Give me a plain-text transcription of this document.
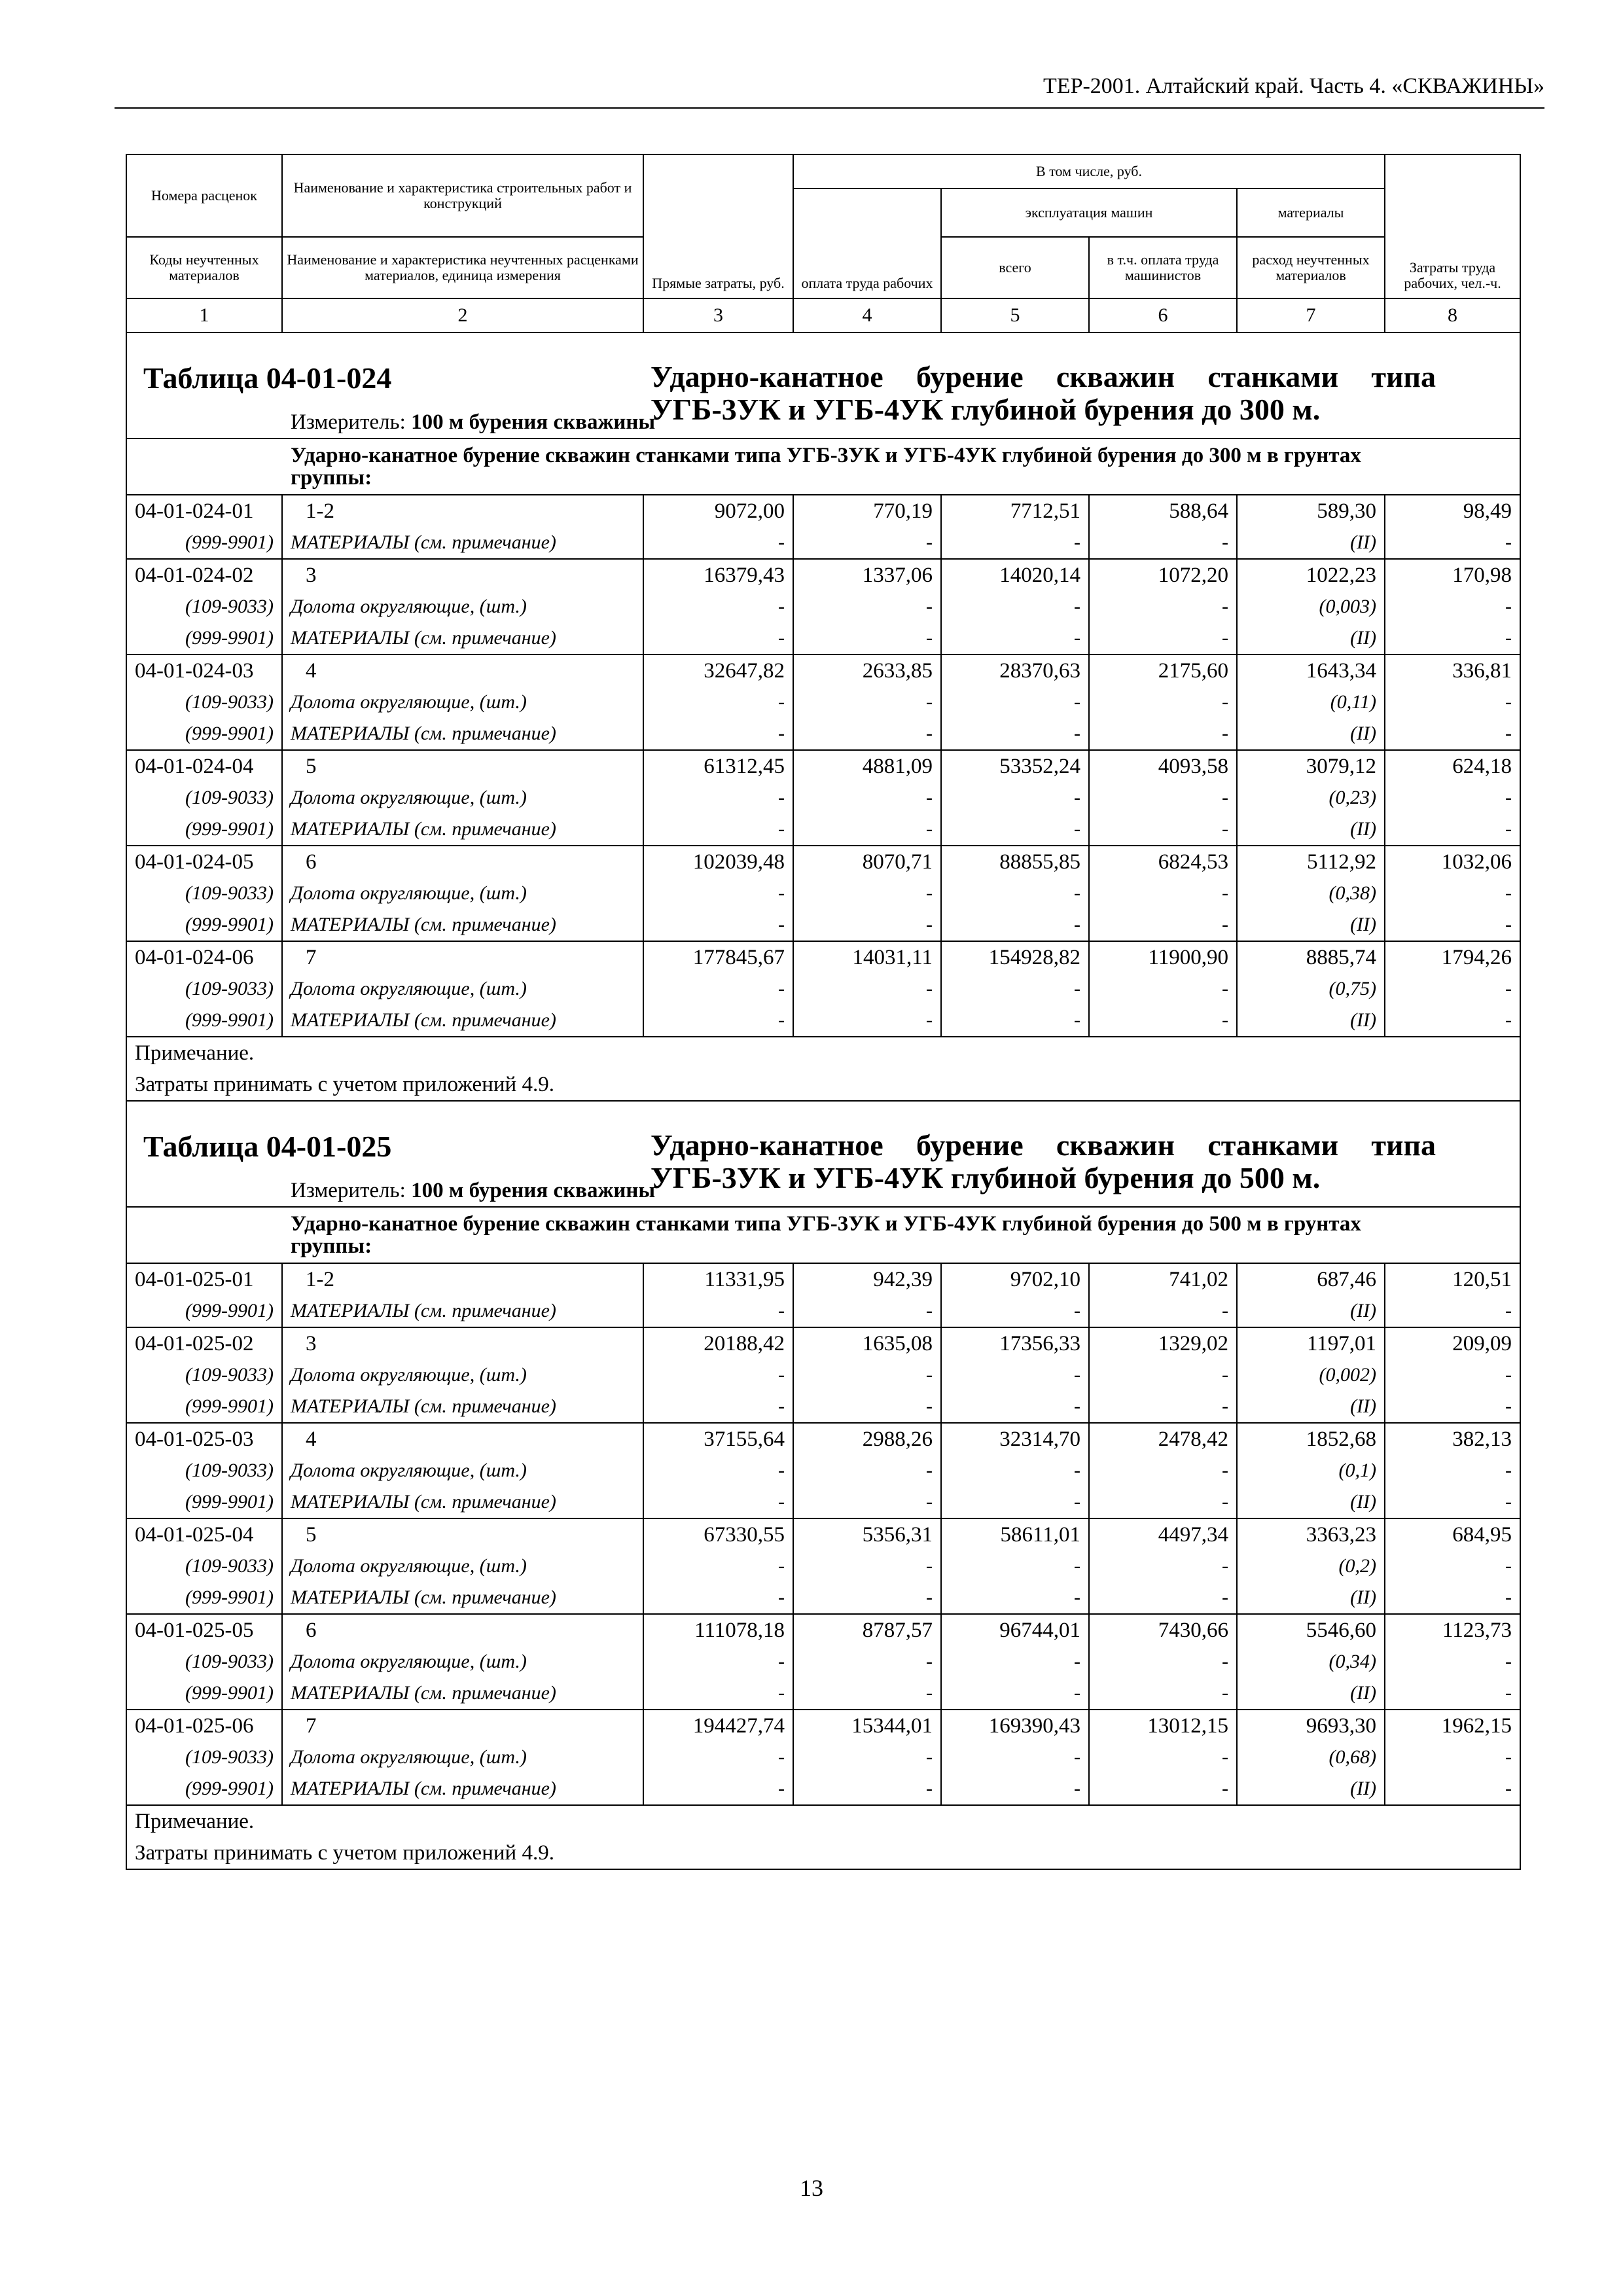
ТЕР-2001. Алтайский край. Часть 4. «СКВАЖИНЫ»
Номера расценок	Наименование и характеристика строительных работ и конструкций	Прямые затраты, руб.	В том числе, руб.				Затраты труда рабочих, чел.-ч.
			оплата труда рабочих	эксплуатация машин		материалы	
Коды неучтенных материалов	Наименование и характеристика неучтенных расценками материалов, единица измерения			всего	в т.ч. оплата труда машинистов	расход неучтенных материалов	
1	2	3	4	5	6	7	8

Таблица 04-01-024 Ударно-канатное бурение скважин станками типа УГБ-3УК и УГБ-4УК глубиной бурения до 300 м.							

Измеритель: 100 м бурения скважины							
Ударно-канатное бурение скважин станками типа УГБ-3УК и УГБ-4УК глубиной бурения до 300 м в грунтах группы:							
04-01-024-01	1-2	9072,00	770,19	7712,51	588,64	589,30	98,49
(999-9901)	МАТЕРИАЛЫ (см. примечание)	-	-	-	-	(II)	-
04-01-024-02	3	16379,43	1337,06	14020,14	1072,20	1022,23	170,98
(109-9033)	Долота округляющие, (шт.)	-	-	-	-	(0,003)	-
(999-9901)	МАТЕРИАЛЫ (см. примечание)	-	-	-	-	(II)	-
04-01-024-03	4	32647,82	2633,85	28370,63	2175,60	1643,34	336,81
(109-9033)	Долота округляющие, (шт.)	-	-	-	-	(0,11)	-
(999-9901)	МАТЕРИАЛЫ (см. примечание)	-	-	-	-	(II)	-
04-01-024-04	5	61312,45	4881,09	53352,24	4093,58	3079,12	624,18
(109-9033)	Долота округляющие, (шт.)	-	-	-	-	(0,23)	-
(999-9901)	МАТЕРИАЛЫ (см. примечание)	-	-	-	-	(II)	-
04-01-024-05	6	102039,48	8070,71	88855,85	6824,53	5112,92	1032,06
(109-9033)	Долота округляющие, (шт.)	-	-	-	-	(0,38)	-
(999-9901)	МАТЕРИАЛЫ (см. примечание)	-	-	-	-	(II)	-
04-01-024-06	7	177845,67	14031,11	154928,82	11900,90	8885,74	1794,26
(109-9033)	Долота округляющие, (шт.)	-	-	-	-	(0,75)	-
(999-9901)	МАТЕРИАЛЫ (см. примечание)	-	-	-	-	(II)	-
Примечание.							
Затраты принимать с учетом приложений 4.9.							

Таблица 04-01-025 Ударно-канатное бурение скважин станками типа УГБ-3УК и УГБ-4УК глубиной бурения до 500 м.							

Измеритель: 100 м бурения скважины							
Ударно-канатное бурение скважин станками типа УГБ-3УК и УГБ-4УК глубиной бурения до 500 м в грунтах группы:							
04-01-025-01	1-2	11331,95	942,39	9702,10	741,02	687,46	120,51
(999-9901)	МАТЕРИАЛЫ (см. примечание)	-	-	-	-	(II)	-
04-01-025-02	3	20188,42	1635,08	17356,33	1329,02	1197,01	209,09
(109-9033)	Долота округляющие, (шт.)	-	-	-	-	(0,002)	-
(999-9901)	МАТЕРИАЛЫ (см. примечание)	-	-	-	-	(II)	-
04-01-025-03	4	37155,64	2988,26	32314,70	2478,42	1852,68	382,13
(109-9033)	Долота округляющие, (шт.)	-	-	-	-	(0,1)	-
(999-9901)	МАТЕРИАЛЫ (см. примечание)	-	-	-	-	(II)	-
04-01-025-04	5	67330,55	5356,31	58611,01	4497,34	3363,23	684,95
(109-9033)	Долота округляющие, (шт.)	-	-	-	-	(0,2)	-
(999-9901)	МАТЕРИАЛЫ (см. примечание)	-	-	-	-	(II)	-
04-01-025-05	6	111078,18	8787,57	96744,01	7430,66	5546,60	1123,73
(109-9033)	Долота округляющие, (шт.)	-	-	-	-	(0,34)	-
(999-9901)	МАТЕРИАЛЫ (см. примечание)	-	-	-	-	(II)	-
04-01-025-06	7	194427,74	15344,01	169390,43	13012,15	9693,30	1962,15
(109-9033)	Долота округляющие, (шт.)	-	-	-	-	(0,68)	-
(999-9901)	МАТЕРИАЛЫ (см. примечание)	-	-	-	-	(II)	-
Примечание.							
Затраты принимать с учетом приложений 4.9.							
13
